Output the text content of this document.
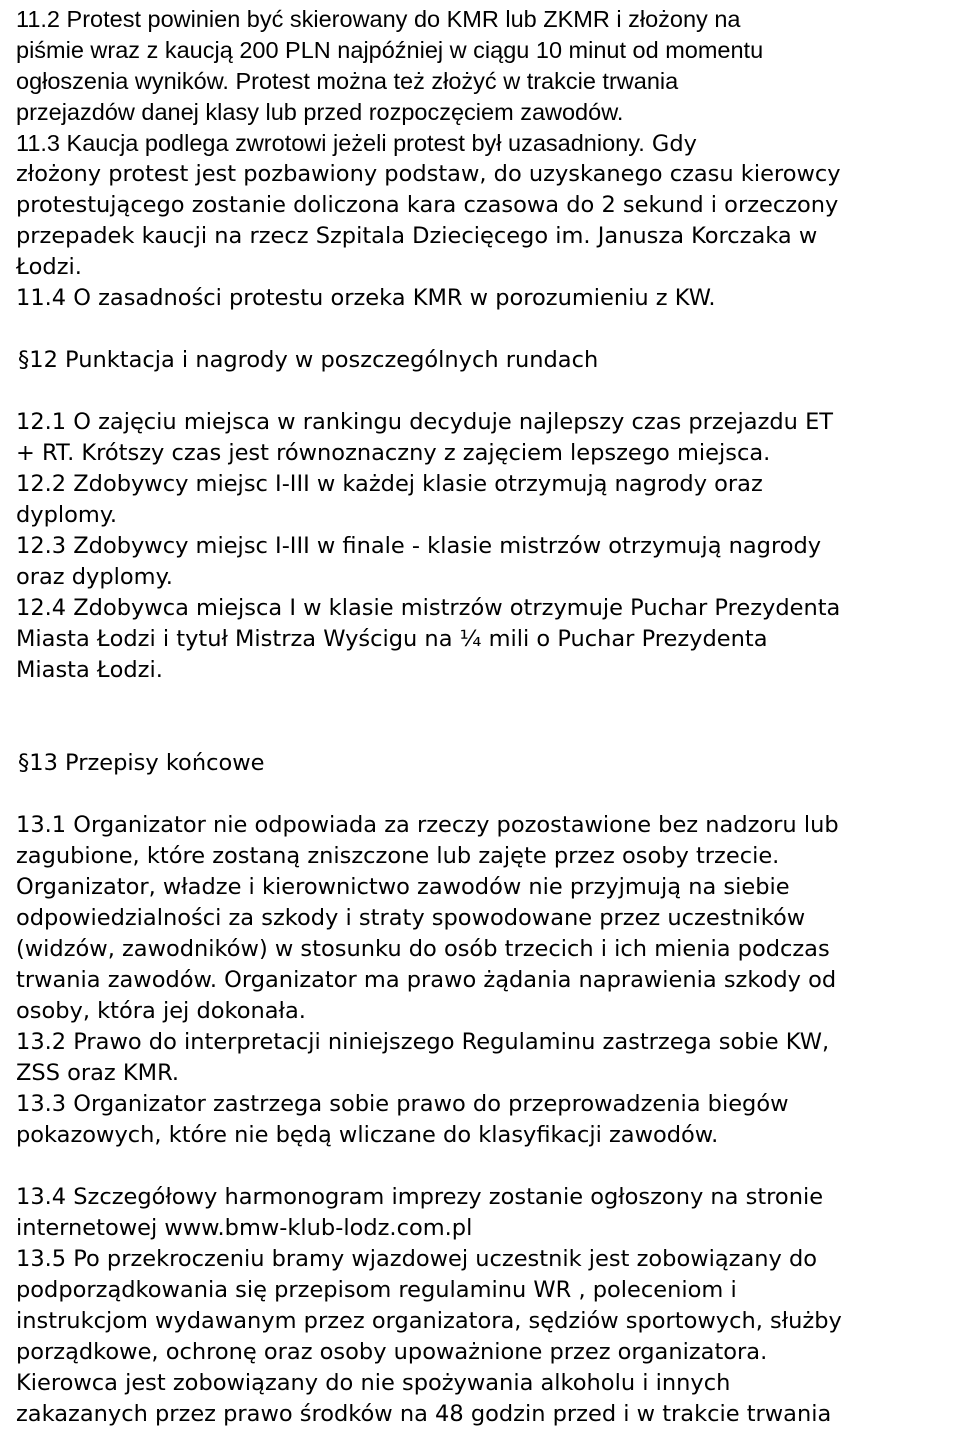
11.2 Protest powinien być skierowany do KMR lub ZKMR i złożony na
piśmie wraz z kaucją 200 PLN najpóźniej w ciągu 10 minut od momentu
ogłoszenia wyników. Protest można też złożyć w trakcie trwania
przejazdów danej klasy lub przed rozpoczęciem zawodów.
11.3 Kaucja podlega zwrotowi jeżeli protest był uzasadniony. Gdy
złożony protest jest pozbawiony podstaw, do uzyskanego czasu kierowcy
protestującego zostanie doliczona kara czasowa do 2 sekund i orzeczony
przepadek kaucji na rzecz Szpitala Dziecięcego im. Janusza Korczaka w
Łodzi.
11.4 O zasadności protestu orzeka KMR w porozumieniu z KW.
§12 Punktacja i nagrody w poszczególnych rundach
12.1 O zajęciu miejsca w rankingu decyduje najlepszy czas przejazdu ET
+ RT. Krótszy czas jest równoznaczny z zajęciem lepszego miejsca.
12.2 Zdobywcy miejsc I-III w każdej klasie otrzymują nagrody oraz
dyplomy.
12.3 Zdobywcy miejsc I-III w finale - klasie mistrzów otrzymują nagrody
oraz dyplomy.
12.4 Zdobywca miejsca I w klasie mistrzów otrzymuje Puchar Prezydenta
Miasta Łodzi i tytuł Mistrza Wyścigu na ¼ mili o Puchar Prezydenta
Miasta Łodzi.
§13 Przepisy końcowe
13.1 Organizator nie odpowiada za rzeczy pozostawione bez nadzoru lub
zagubione, które zostaną zniszczone lub zajęte przez osoby trzecie.
Organizator, władze i kierownictwo zawodów nie przyjmują na siebie
odpowiedzialności za szkody i straty spowodowane przez uczestników
(widzów, zawodników) w stosunku do osób trzecich i ich mienia podczas
trwania zawodów. Organizator ma prawo żądania naprawienia szkody od
osoby, która jej dokonała.
13.2 Prawo do interpretacji niniejszego Regulaminu zastrzega sobie KW,
ZSS oraz KMR.
13.3 Organizator zastrzega sobie prawo do przeprowadzenia biegów
pokazowych, które nie będą wliczane do klasyfikacji zawodów.
13.4 Szczegółowy harmonogram imprezy zostanie ogłoszony na stronie
internetowej www.bmw-klub-lodz.com.pl
13.5 Po przekroczeniu bramy wjazdowej uczestnik jest zobowiązany do
podporządkowania się przepisom regulaminu WR , poleceniom i
instrukcjom wydawanym przez organizatora, sędziów sportowych, służby
porządkowe, ochronę oraz osoby upoważnione przez organizatora.
Kierowca jest zobowiązany do nie spożywania alkoholu i innych
zakazanych przez prawo środków na 48 godzin przed i w trakcie trwania
